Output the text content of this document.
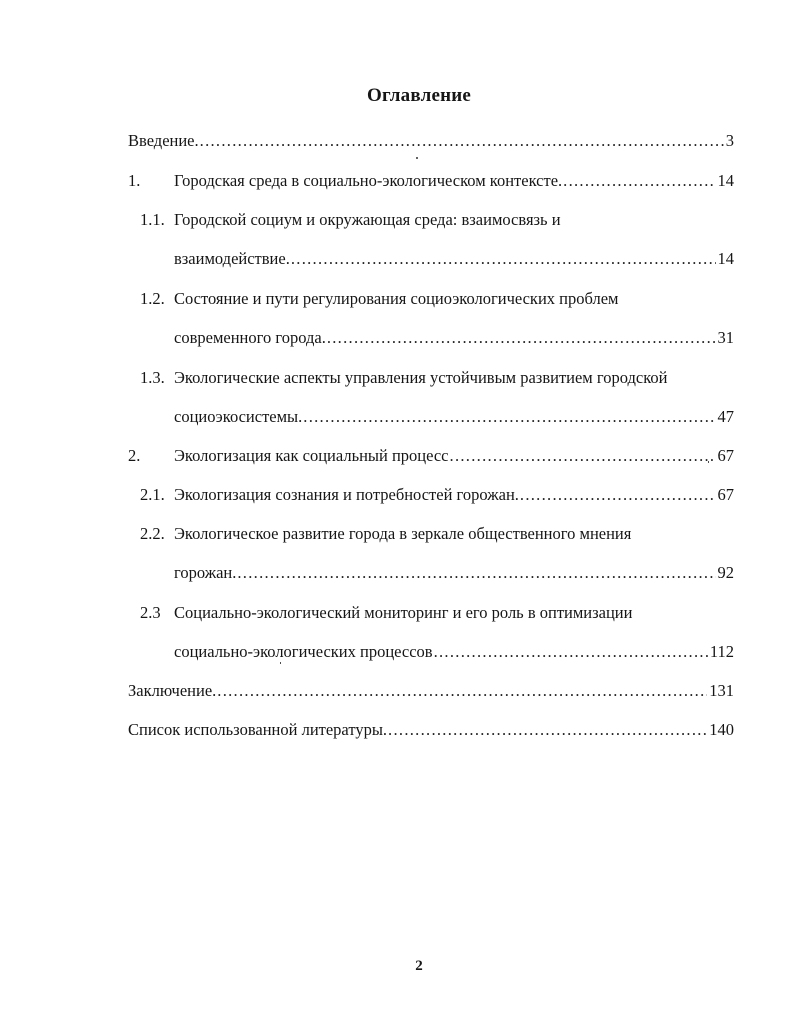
Оглавление
Введение. .....	3
1.	Городская среда в социально-экологическом контексте. .....	14
1.1. Городской социум и окружающая среда: взаимосвязь и
взаимодействие. .....	14
1.2. Состояние и пути регулирования социоэкологических проблем
современного города. .....	31
1.3. Экологические аспекты управления устойчивым развитием городской
социоэкосистемы. .....	47
2.	Экологизация как социальный процесс .....	67
2.1. Экологизация сознания и потребностей горожан. .....	67
2.2. Экологическое развитие города в зеркале общественного мнения
горожан. .....	92
2.3 Социально-экологический мониторинг и его роль в оптимизации
социально-экологических процессов .....	112
Заключение. .....	131
Список использованной литературы. .....	140
2
